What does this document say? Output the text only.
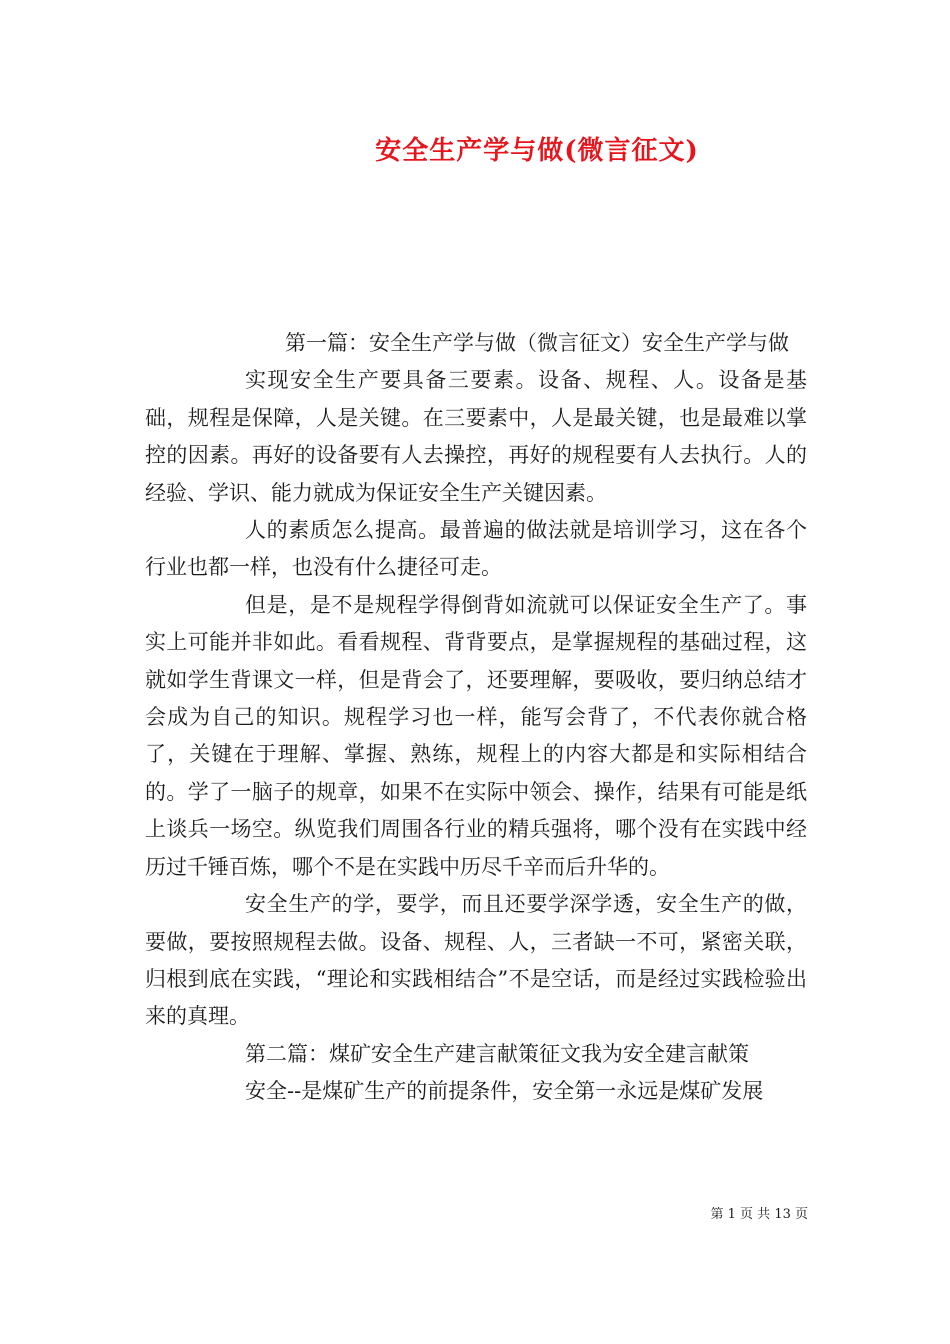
安全生产学与做(微言征文)

第一篇：安全生产学与做（微言征文）安全生产学与做

实现安全生产要具备三要素。设备、规程、人。设备是基础，规程是保障，人是关键。在三要素中，人是最关键，也是最难以掌控的因素。再好的设备要有人去操控，再好的规程要有人去执行。人的经验、学识、能力就成为保证安全生产关键因素。

人的素质怎么提高。最普遍的做法就是培训学习，这在各个行业也都一样，也没有什么捷径可走。

但是，是不是规程学得倒背如流就可以保证安全生产了。事实上可能并非如此。看看规程、背背要点，是掌握规程的基础过程，这就如学生背课文一样，但是背会了，还要理解，要吸收，要归纳总结才会成为自己的知识。规程学习也一样，能写会背了，不代表你就合格了，关键在于理解、掌握、熟练，规程上的内容大都是和实际相结合的。学了一脑子的规章，如果不在实际中领会、操作，结果有可能是纸上谈兵一场空。纵览我们周围各行业的精兵强将，哪个没有在实践中经历过千锤百炼，哪个不是在实践中历尽千辛而后升华的。

安全生产的学，要学，而且还要学深学透，安全生产的做，要做，要按照规程去做。设备、规程、人，三者缺一不可，紧密关联，归根到底在实践，“理论和实践相结合”不是空话，而是经过实践检验出来的真理。

第二篇：煤矿安全生产建言献策征文我为安全建言献策

安全--是煤矿生产的前提条件，安全第一永远是煤矿发展

第 1 页 共 13 页
